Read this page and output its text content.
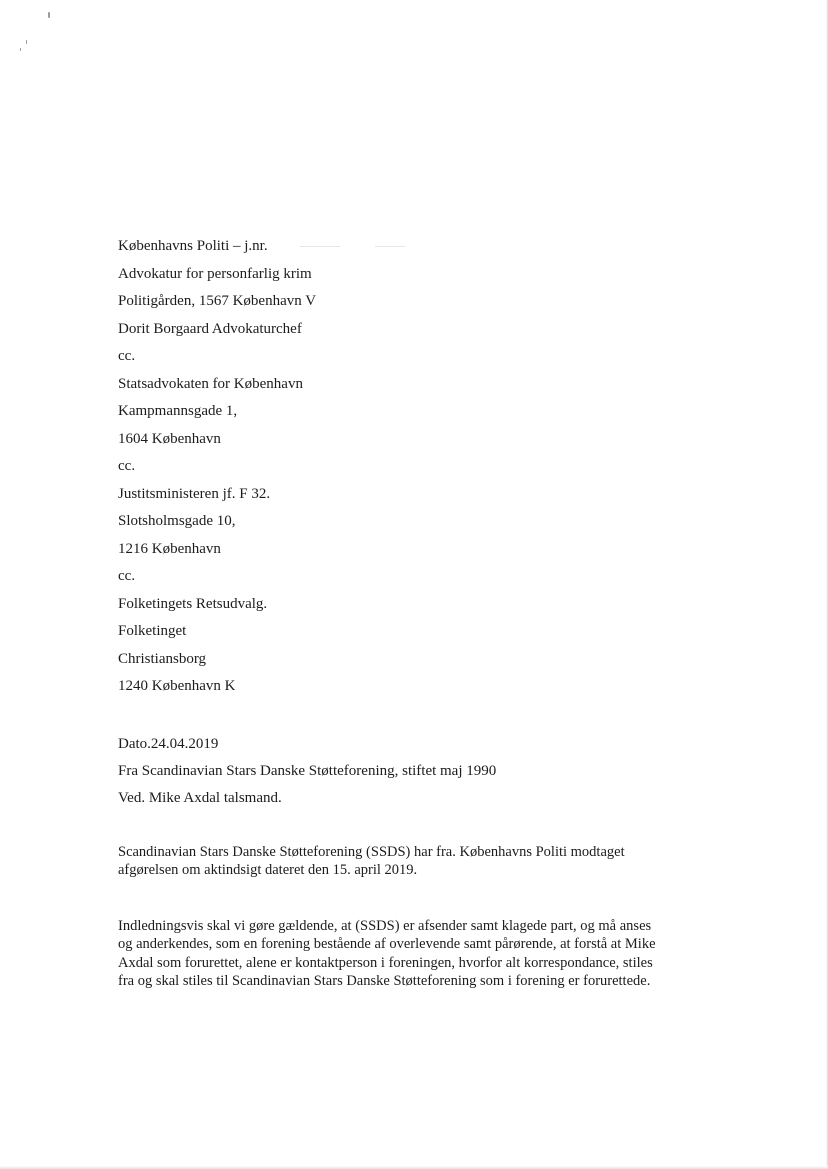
Københavns Politi – j.nr.
Advokatur for personfarlig krim
Politigården, 1567 København V
Dorit Borgaard Advokaturchef
cc.
Statsadvokaten for København
Kampmannsgade 1,
1604 København
cc.
Justitsministeren jf. F 32.
Slotsholmsgade 10,
1216 København
cc.
Folketingets Retsudvalg.
Folketinget
Christiansborg
1240 København K
Dato.24.04.2019
Fra Scandinavian Stars Danske Støtteforening, stiftet maj 1990
Ved. Mike Axdal talsmand.

Scandinavian Stars Danske Støtteforening (SSDS) har fra. Københavns Politi modtaget
afgørelsen om aktindsigt dateret den 15. april 2019.

Indledningsvis skal vi gøre gældende, at (SSDS) er afsender samt klagede part, og må anses
og anderkendes, som en forening bestående af overlevende samt pårørende, at forstå at Mike
Axdal som forurettet, alene er kontaktperson i foreningen, hvorfor alt korrespondance, stiles
fra og skal stiles til Scandinavian Stars Danske Støtteforening som i forening er forurettede.
